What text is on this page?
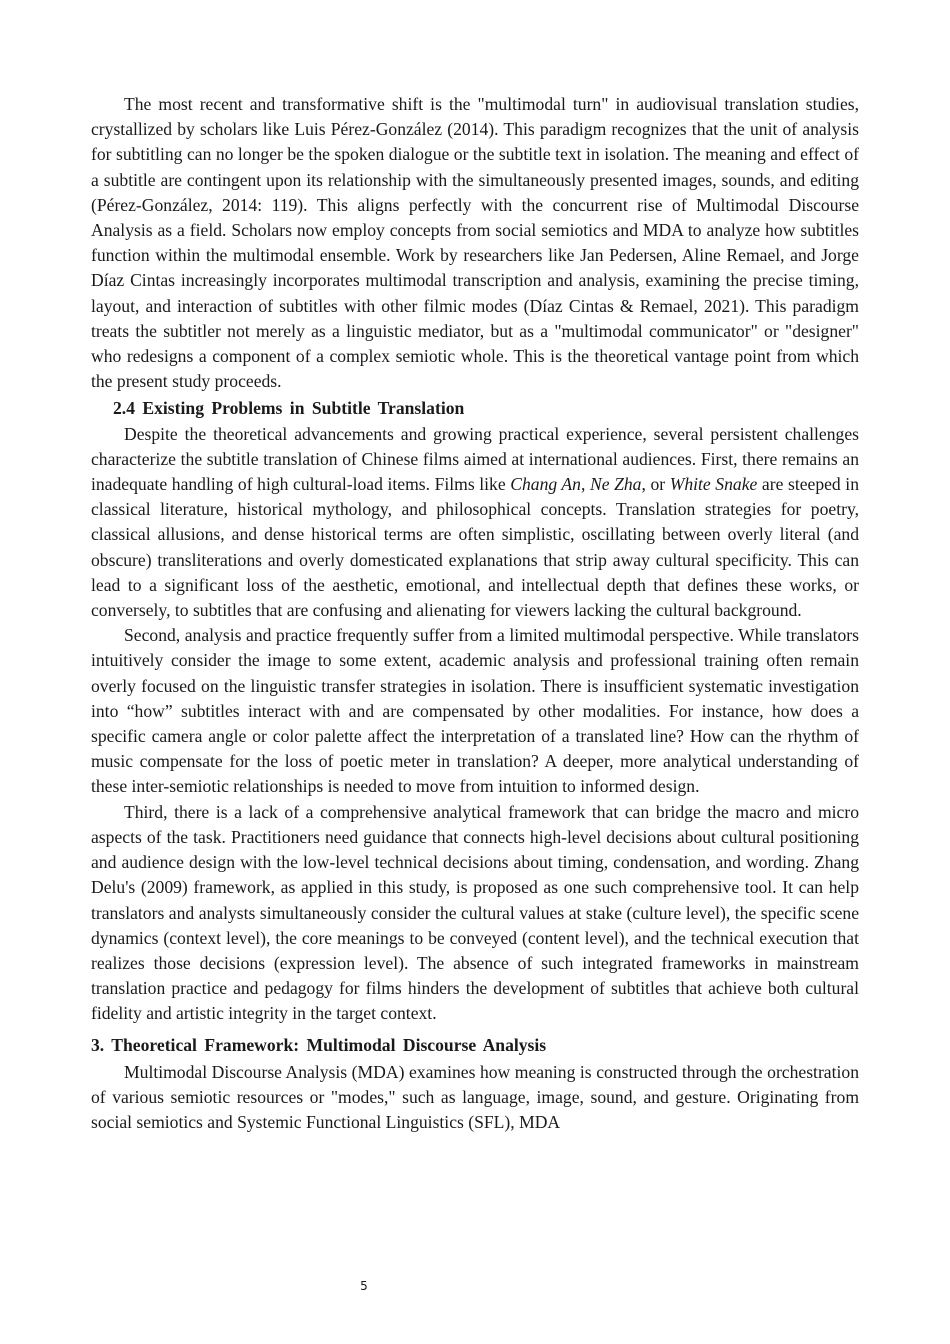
The most recent and transformative shift is the "multimodal turn" in audiovisual translation studies, crystallized by scholars like Luis Pérez-González (2014). This paradigm recognizes that the unit of analysis for subtitling can no longer be the spoken dialogue or the subtitle text in isolation. The meaning and effect of a subtitle are contingent upon its relationship with the simultaneously presented images, sounds, and editing (Pérez-González, 2014: 119). This aligns perfectly with the concurrent rise of Multimodal Discourse Analysis as a field. Scholars now employ concepts from social semiotics and MDA to analyze how subtitles function within the multimodal ensemble. Work by researchers like Jan Pedersen, Aline Remael, and Jorge Díaz Cintas increasingly incorporates multimodal transcription and analysis, examining the precise timing, layout, and interaction of subtitles with other filmic modes (Díaz Cintas & Remael, 2021). This paradigm treats the subtitler not merely as a linguistic mediator, but as a "multimodal communicator" or "designer" who redesigns a component of a complex semiotic whole. This is the theoretical vantage point from which the present study proceeds.

2.4 Existing Problems in Subtitle Translation

Despite the theoretical advancements and growing practical experience, several persistent challenges characterize the subtitle translation of Chinese films aimed at international audiences. First, there remains an inadequate handling of high cultural-load items. Films like Chang An, Ne Zha, or White Snake are steeped in classical literature, historical mythology, and philosophical concepts. Translation strategies for poetry, classical allusions, and dense historical terms are often simplistic, oscillating between overly literal (and obscure) transliterations and overly domesticated explanations that strip away cultural specificity. This can lead to a significant loss of the aesthetic, emotional, and intellectual depth that defines these works, or conversely, to subtitles that are confusing and alienating for viewers lacking the cultural background.

Second, analysis and practice frequently suffer from a limited multimodal perspective. While translators intuitively consider the image to some extent, academic analysis and professional training often remain overly focused on the linguistic transfer strategies in isolation. There is insufficient systematic investigation into “how” subtitles interact with and are compensated by other modalities. For instance, how does a specific camera angle or color palette affect the interpretation of a translated line? How can the rhythm of music compensate for the loss of poetic meter in translation? A deeper, more analytical understanding of these inter-semiotic relationships is needed to move from intuition to informed design.

Third, there is a lack of a comprehensive analytical framework that can bridge the macro and micro aspects of the task. Practitioners need guidance that connects high-level decisions about cultural positioning and audience design with the low-level technical decisions about timing, condensation, and wording. Zhang Delu's (2009) framework, as applied in this study, is proposed as one such comprehensive tool. It can help translators and analysts simultaneously consider the cultural values at stake (culture level), the specific scene dynamics (context level), the core meanings to be conveyed (content level), and the technical execution that realizes those decisions (expression level). The absence of such integrated frameworks in mainstream translation practice and pedagogy for films hinders the development of subtitles that achieve both cultural fidelity and artistic integrity in the target context.

3. Theoretical Framework: Multimodal Discourse Analysis

Multimodal Discourse Analysis (MDA) examines how meaning is constructed through the orchestration of various semiotic resources or "modes," such as language, image, sound, and gesture. Originating from social semiotics and Systemic Functional Linguistics (SFL), MDA

5
